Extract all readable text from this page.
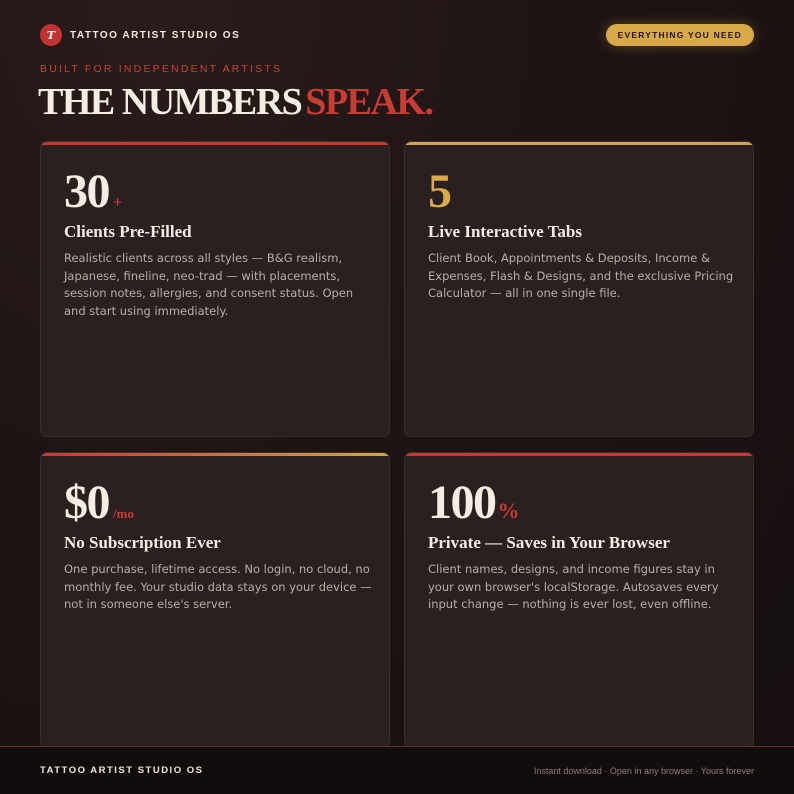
T	TATTOO ARTIST STUDIO OS	EVERYTHING YOU NEED
BUILT FOR INDEPENDENT ARTISTS
THE NUMBERS SPEAK.
30 +
Clients Pre-Filled

Realistic clients across all styles — B&G realism, Japanese, fineline, neo-trad — with placements, session notes, allergies, and consent status. Open and start using immediately.

5
Live Interactive Tabs

Client Book, Appointments & Deposits, Income & Expenses, Flash & Designs, and the exclusive Pricing Calculator — all in one single file.

$0 /mo
No Subscription Ever

One purchase, lifetime access. No login, no cloud, no monthly fee. Your studio data stays on your device — not in someone else's server.

100 %
Private — Saves in Your Browser

Client names, designs, and income figures stay in your own browser's localStorage. Autosaves every input change — nothing is ever lost, even offline.

TATTOO ARTIST STUDIO OS	Instant download · Open in any browser · Yours forever
